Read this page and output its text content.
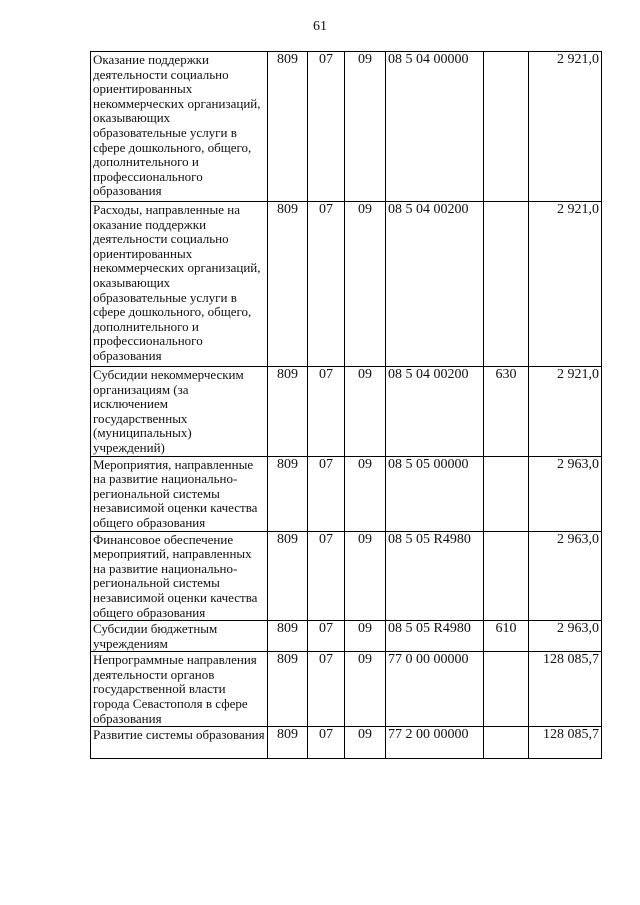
61
Оказание поддержки деятельности социально ориентированных некоммерческих организаций, оказывающих образовательные услуги в сфере дошкольного, общего, дополнительного и профессионального образования	809	07	09	08 5 04 00000		2 921,0
Расходы, направленные на оказание поддержки деятельности социально ориентированных некоммерческих организаций, оказывающих образовательные услуги в сфере дошкольного, общего, дополнительного и профессионального образования	809	07	09	08 5 04 00200		2 921,0
Субсидии некоммерческим организациям (за исключением государственных (муниципальных) учреждений)	809	07	09	08 5 04 00200	630	2 921,0
Мероприятия, направленные на развитие национально-региональной системы независимой оценки качества общего образования	809	07	09	08 5 05 00000		2 963,0
Финансовое обеспечение мероприятий, направленных на развитие национально-региональной системы независимой оценки качества общего образования	809	07	09	08 5 05 R4980		2 963,0
Субсидии бюджетным учреждениям	809	07	09	08 5 05 R4980	610	2 963,0
Непрограммные направления деятельности органов государственной власти города Севастополя в сфере образования	809	07	09	77 0 00 00000		128 085,7
Развитие системы образования	809	07	09	77 2 00 00000		128 085,7
